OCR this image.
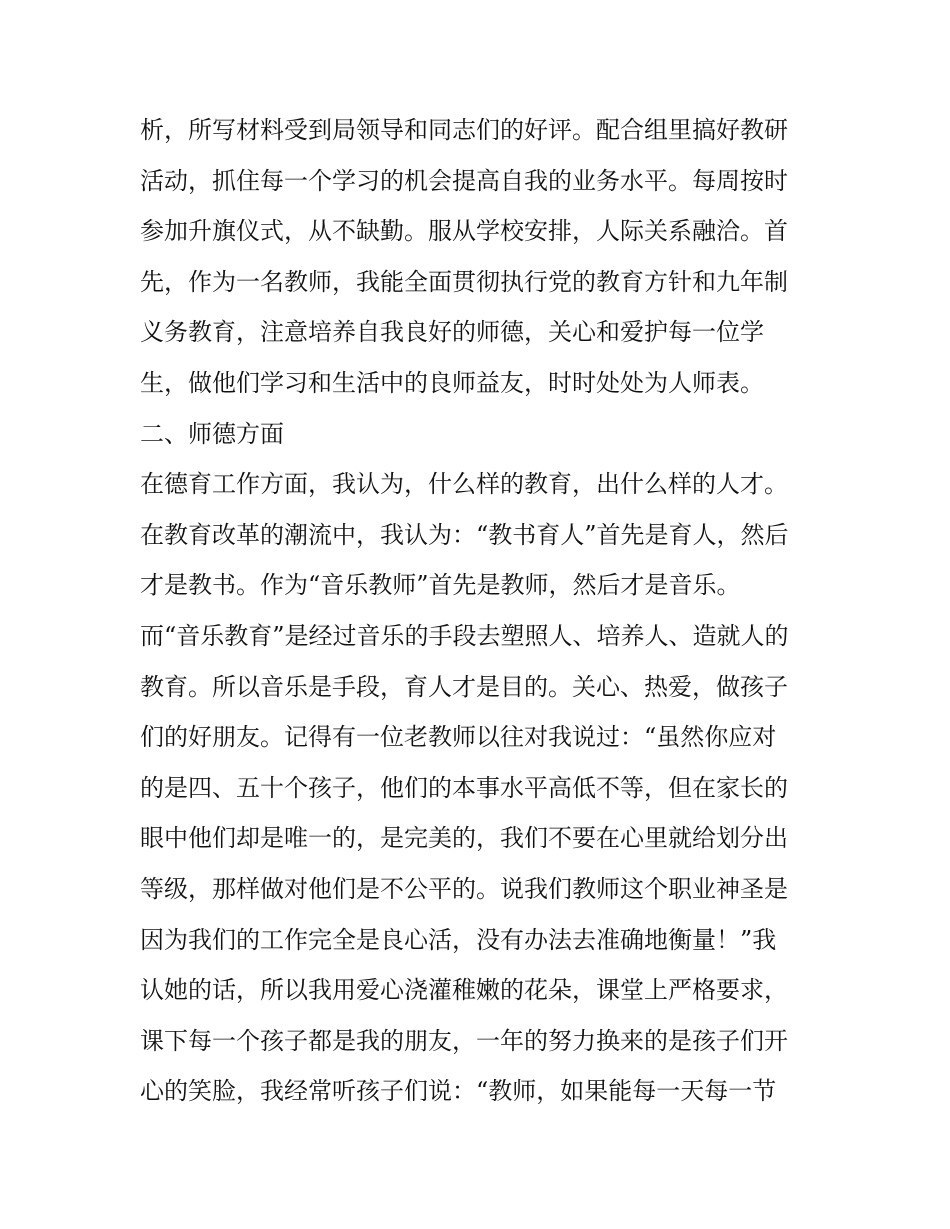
析，所写材料受到局领导和同志们的好评。配合组里搞好教研
活动，抓住每一个学习的机会提高自我的业务水平。每周按时
参加升旗仪式，从不缺勤。服从学校安排，人际关系融洽。首
先，作为一名教师，我能全面贯彻执行党的教育方针和九年制
义务教育，注意培养自我良好的师德，关心和爱护每一位学
生，做他们学习和生活中的良师益友，时时处处为人师表。
二、师德方面
在德育工作方面，我认为，什么样的教育，出什么样的人才。
在教育改革的潮流中，我认为：“教书育人”首先是育人，然后
才是教书。作为“音乐教师”首先是教师，然后才是音乐。
而“音乐教育”是经过音乐的手段去塑照人、培养人、造就人的
教育。所以音乐是手段，育人才是目的。关心、热爱，做孩子
们的好朋友。记得有一位老教师以往对我说过：“虽然你应对
的是四、五十个孩子，他们的本事水平高低不等，但在家长的
眼中他们却是唯一的，是完美的，我们不要在心里就给划分出
等级，那样做对他们是不公平的。说我们教师这个职业神圣是
因为我们的工作完全是良心活，没有办法去准确地衡量！”我
认她的话，所以我用爱心浇灌稚嫩的花朵，课堂上严格要求，
课下每一个孩子都是我的朋友，一年的努力换来的是孩子们开
心的笑脸，我经常听孩子们说：“教师，如果能每一天每一节
